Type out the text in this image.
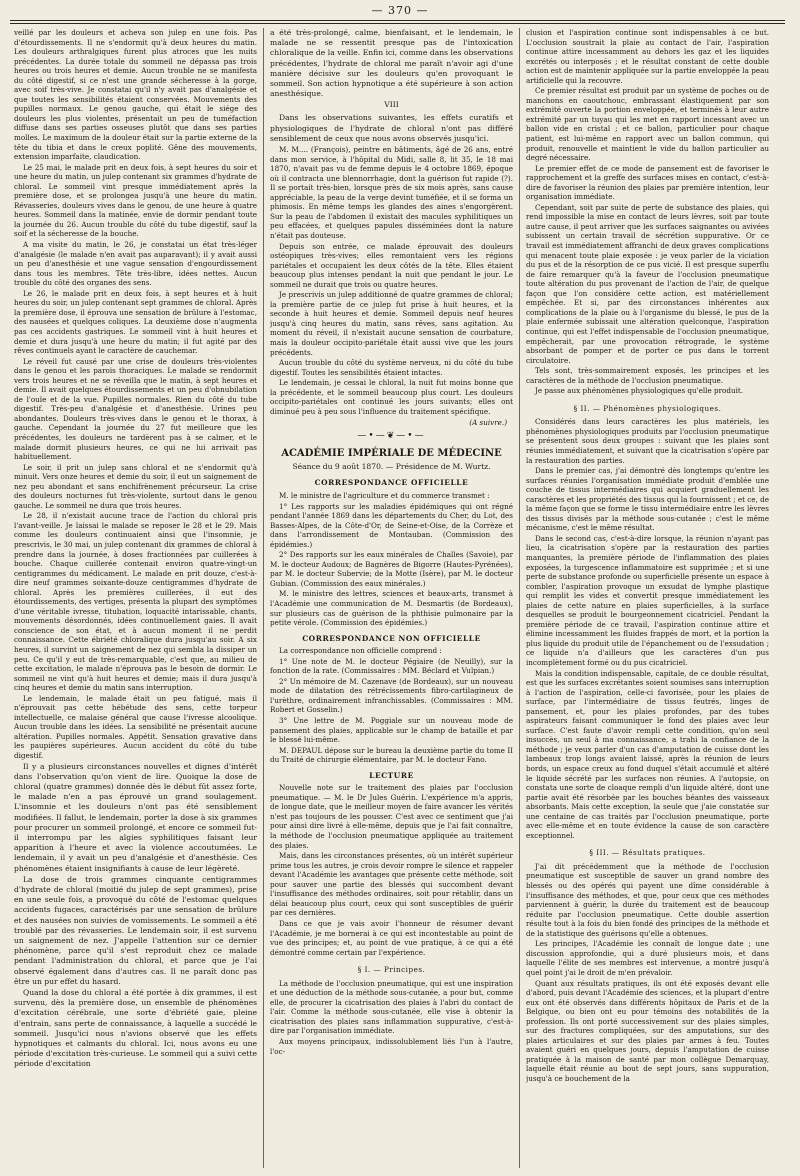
— 370 —

veillé par les douleurs et acheva son julep en une fois. Pas d'étourdissements. Il ne s'endormit qu'à deux heures du matin. Les douleurs arthralgiques furent plus atroces que les nuits précédentes. La durée totale du sommeil ne dépassa pas trois heures ou trois heures et demie. Aucun trouble ne se manifesta du côté digestif, si ce n'est une grande sécheresse à la gorge, avec soif très-vive. Je constatai qu'il n'y avait pas d'analgésie et que toutes les sensibilités étaient conservées. Mouvements des pupilles normaux. Le genou gauche, qui était le siége des douleurs les plus violentes, présentait un peu de tuméfaction diffuse dans ses parties osseuses plutôt que dans ses parties molles. Le maximum de la douleur était sur la partie externe de la tête du tibia et dans le creux poplité. Gêne des mouvements, extension imparfaite, claudication.

Le 25 mai, le malade prit en deux fois, à sept heures du soir et une heure du matin, un julep contenant six grammes d'hydrate de chloral. Le sommeil vint presque immédiatement après la première dose, et se prolongea jusqu'à une heure du matin. Révasseries, douleurs vives dans le genou, de une heure à quatre heures. Sommeil dans la matinée, envie de dormir pendant toute la journée du 26. Aucun trouble du côté du tube digestif, sauf la soif et la sécheresse de la bouche.

A ma visite du matin, le 26, je constatai un état très-léger d'analgésie (le malade n'en avait pas auparavant); il y avait aussi un peu d'anesthésie et une vague sensation d'engourdissement dans tous les membres. Tête très-libre, idées nettes. Aucun trouble du côté des organes des sens.

Le 26, le malade prit en deux fois, à sept heures et à huit heures du soir, un julep contenant sept grammes de chloral. Après la première dose, il éprouva une sensation de brûlure à l'estomac, des nausées et quelques coliques. La deuxième dose n'augmenta pas ces accidents gastriques. Le sommeil vint à huit heures et demie et dura jusqu'à une heure du matin; il fut agité par des rêves continuels ayant le caractère de cauchemar.

Le réveil fut causé par une crise de douleurs très-violentes dans le genou et les parois thoraciques. Le malade se rendormit vers trois heures et ne se réveilla que le matin, à sept heures et demie. Il avait quelques étourdissements et un peu d'obnubilation de l'ouïe et de la vue. Pupilles normales. Rien du côté du tube digestif. Très-peu d'analgésie et d'anesthésie. Urines peu abondantes. Douleurs très-vives dans le genou et le thorax, à gauche. Cependant la journée du 27 fut meilleure que les précédentes, les douleurs ne tardèrent pas à se calmer, et le malade dormit plusieurs heures, ce qui ne lui arrivait pas habituellement.

Le soir, il prit un julep sans chloral et ne s'endormit qu'à minuit. Vers onze heures et demie du soir, il eut un saignement de nez peu abondant et sans enchifrènement précurseur. La crise des douleurs nocturnes fut très-violente, surtout dans le genou gauche. Le sommeil ne dura que trois heures.

Le 28, il n'existait aucune trace de l'action du chloral pris l'avant-veille. Je laissai le malade se reposer le 28 et le 29. Mais comme les douleurs continuaient ainsi que l'insomnie, je prescrivis, le 30 mai, un julep contenant dix grammes de chloral à prendre dans la journée, à doses fractionnées par cuillerées à bouche. Chaque cuillerée contenait environ quatre-vingt-un centigrammes du médicament. Le malade en prit douze, c'est-à-dire neuf grammes soixante-douze centigrammes d'hydrate de chloral. Après les premières cuillerées, il eut des étourdissements, des vertiges, présenta la plupart des symptômes d'une véritable ivresse, titubation, loquacité intarissable, chants, mouvements désordonnés, idées continuellement gaies. Il avait conscience de son état, et à aucun moment il ne perdit connaissance. Cette ébriété chloralique dura jusqu'au soir. A six heures, il survint un saignement de nez qui sembla la dissiper un peu. Ce qu'il y eut de très-remarquable, c'est que, au milieu de cette excitation, le malade n'éprouva pas le besoin de dormir. Le sommeil ne vint qu'à huit heures et demie; mais il dura jusqu'à cinq heures et demie du matin sans interruption.

Le lendemain, le malade était un peu fatigué, mais il n'éprouvait pas cette hébétude des sens, cette torpeur intellectuelle, ce malaise général que cause l'ivresse alcoolique. Aucun trouble dans les idées. La sensibilité ne présentait aucune altération. Pupilles normales. Appétit. Sensation gravative dans les paupières supérieures. Aucun accident du côté du tube digestif.

Il y a plusieurs circonstances nouvelles et dignes d'intérêt dans l'observation qu'on vient de lire. Quoique la dose de chloral (quatre grammes) donnée dès le début fût assez forte, le malade n'en a pas éprouvé un grand soulagement. L'insomnie et les douleurs n'ont pas été sensiblement modifiées. Il fallut, le lendemain, porter la dose à six grammes pour procurer un sommeil prolongé, et encore ce sommeil fut-il interrompu par les algies syphilitiques faisant leur apparition à l'heure et avec la violence accoutumées. Le lendemain, il y avait un peu d'analgésie et d'anesthésie. Ces phénomènes étaient insignifiants à cause de leur légèreté.

La dose de trois grammes cinquante centigrammes d'hydrate de chloral (moitié du julep de sept grammes), prise en une seule fois, a provoqué du côté de l'estomac quelques accidents fugaces, caractérisés par une sensation de brûlure et des nausées non suivies de vomissements. Le sommeil a été troublé par des révasseries. Le lendemain soir, il est survenu un saignement de nez. J'appelle l'attention sur ce dernier phénomène, parce qu'il s'est reproduit chez ce malade pendant l'administration du chloral, et parce que je l'ai observé également dans d'autres cas. Il ne paraît donc pas être un pur effet du hasard.

Quand la dose du chloral a été portée à dix grammes, il est survenu, dès la première dose, un ensemble de phénomènes d'excitation cérébrale, une sorte d'ébriété gaie, pleine d'entrain, sans perte de connaissance, à laquelle a succédé le sommeil. Jusqu'ici nous n'avions observé que les effets hypnotiques et calmants du chloral. Ici, nous avons eu une période d'excitation très-curieuse. Le sommeil qui a suivi cette période d'excitation

a été très-prolongé, calme, bienfaisant, et le lendemain, le malade ne se ressentit presque pas de l'intoxication chloralique de la veille. Enfin ici, comme dans les observations précédentes, l'hydrate de chloral me paraît n'avoir agi d'une manière décisive sur les douleurs qu'en provoquant le sommeil. Son action hypnotique a été supérieure à son action anesthésique.

VIII

Dans les observations suivantes, les effets curatifs et physiologiques de l'hydrate de chloral n'ont pas différé sensiblement de ceux que nous avons observés jusqu'ici.

M. M.... (François), peintre en bâtiments, âgé de 26 ans, entré dans mon service, à l'hôpital du Midi, salle 8, lit 35, le 18 mai 1870, n'avait pas vu de femme depuis le 4 octobre 1869, époque où il contracta une blennorrhagie, dont la guérison fut rapide (?). Il se portait très-bien, lorsque près de six mois après, sans cause appréciable, la peau de la verge devint tuméfiée, et il se forma un phimosis. En même temps les glandes des aines s'engorgèrent. Sur la peau de l'abdomen il existait des macules syphilitiques un peu effacées, et quelques papules disséminées dont la nature n'était pas douteuse.

Depuis son entrée, ce malade éprouvait des douleurs ostéopiques très-vives; elles remontaient vers les régions pariétales et occupaient les deux côtés de la tête. Elles étaient beaucoup plus intenses pendant la nuit que pendant le jour. Le sommeil ne durait que trois ou quatre heures.

Je prescrivis un julep additionné de quatre grammes de chloral; la première partie de ce julep fut prise à huit heures, et la seconde à huit heures et demie. Sommeil depuis neuf heures jusqu'à cinq heures du matin, sans rêves, sans agitation. Au moment du réveil, il n'existait aucune sensation de courbature, mais la douleur occipito-pariétale était aussi vive que les jours précédents.

Aucun trouble du côté du système nerveux, ni du côté du tube digestif. Toutes les sensibilités étaient intactes.

Le lendemain, je cessai le chloral, la nuit fut moins bonne que la précédente, et le sommeil beaucoup plus court. Les douleurs occipito-pariétales ont continué les jours suivants; elles ont diminué peu à peu sous l'influence du traitement spécifique.

(A suivre.)
—•—❦—•—
ACADÉMIE IMPÉRIALE DE MÉDECINE
Séance du 9 août 1870. — Présidence de M. Wurtz.
CORRESPONDANCE OFFICIELLE

M. le ministre de l'agriculture et du commerce transmet :

1° Les rapports sur les maladies épidémiques qui ont régné pendant l'année 1869 dans les départements du Cher, du Lot, des Basses-Alpes, de la Côte-d'Or, de Seine-et-Oise, de la Corrèze et dans l'arrondissement de Montauban. (Commission des épidémies.)

2° Des rapports sur les eaux minérales de Challes (Savoie), par M. le docteur Audoux; de Bagnères de Bigorre (Hautes-Pyrénées), par M. le docteur Subervie; de la Motte (Isère), par M. le docteur Gubian. (Commission des eaux minérales.)

M. le ministre des lettres, sciences et beaux-arts, transmet à l'Académie une communication de M. Desmartis (de Bordeaux), sur plusieurs cas de guérison de la phthisie pulmonaire par la petite vérole. (Commission des épidémies.)

CORRESPONDANCE NON OFFICIELLE

La correspondance non officielle comprend :

1° Une note de M. le docteur Pégiaire (de Neuilly), sur la fonction de la rate. (Commissaires : MM. Béclard et Vulpian.)

2° Un mémoire de M. Cazenave (de Bordeaux), sur un nouveau mode de dilatation des rétrécissements fibro-cartilagineux de l'urèthre, ordinairement infranchissables. (Commissaires : MM. Robert et Gosselin.)

3° Une lettre de M. Poggiale sur un nouveau mode de pansement des plaies, applicable sur le champ de bataille et par le blessé lui-même.

M. DEPAUL dépose sur le bureau la deuxième partie du tome II du Traité de chirurgie élémentaire, par M. le docteur Fano.

LECTURE

Nouvelle note sur le traitement des plaies par l'occlusion pneumatique. — M. le Dr Jules Guérin. L'expérience m'a appris, de longue date, que le meilleur moyen de faire avancer les vérités n'est pas toujours de les pousser. C'est avec ce sentiment que j'ai pour ainsi dire livré à elle-même, depuis que je l'ai fait connaître, la méthode de l'occlusion pneumatique appliquée au traitement des plaies.

Mais, dans les circonstances présentes, où un intérêt supérieur prime tous les autres, je crois devoir rompre le silence et rappeler devant l'Académie les avantages que présente cette méthode, soit pour sauver une partie des blessés qui succombent devant l'insuffisance des méthodes ordinaires, soit pour rétablir, dans un délai beaucoup plus court, ceux qui sont susceptibles de guérir par ces dernières.

Dans ce que je vais avoir l'honneur de résumer devant l'Académie, je me bornerai à ce qui est incontestable au point de vue des principes; et, au point de vue pratique, à ce qui a été démontré comme certain par l'expérience.

§ I. — Principes.

La méthode de l'occlusion pneumatique, qui est une inspiration et une déduction de la méthode sous-cutanée, a pour but, comme elle, de procurer la cicatrisation des plaies à l'abri du contact de l'air. Comme la méthode sous-cutanée, elle vise à obtenir la cicatrisation des plaies sans inflammation suppurative, c'est-à-dire par l'organisation immédiate.

Aux moyens principaux, indissolublement liés l'un à l'autre, l'oc-

clusion et l'aspiration continue sont indispensables à ce but. L'occlusion soustrait la plaie au contact de l'air, l'aspiration continue attire incessamment au dehors les gaz et les liquides excrétés ou interposés ; et le résultat constant de cette double action est de maintenir appliquée sur la partie enveloppée la peau artificielle qui la recouvre.

Ce premier résultat est produit par un système de poches ou de manchons en caoutchouc, embrassant élastiquement par son extrémité ouverte la portion enveloppée, et terminés à leur autre extrémité par un tuyau qui les met en rapport incessant avec un ballon vide en cristal ; et ce ballon, particulier pour chaque patient, est lui-même en rapport avec un ballon commun, qui produit, renouvelle et maintient le vide du ballon particulier au degré nécessaire.

Le premier effet de ce mode de pansement est de favoriser le rapprochement et la greffe des surfaces mises en contact, c'est-à-dire de favoriser la réunion des plaies par première intention, leur organisation immédiate.

Cependant, soit par suite de perte de substance des plaies, qui rend impossible la mise en contact de leurs lèvres, soit par toute autre cause, il peut arriver que les surfaces saignantes ou avivées subissent un certain travail de sécrétion suppurative. Or ce travail est immédiatement affranchi de deux graves complications qui menacent toute plaie exposée : je veux parler de la viciation du pus et de la résorption de ce pus vicié. Il est presque superflu de faire remarquer qu'à la faveur de l'occlusion pneumatique toute altération du pus provenant de l'action de l'air, de quelque façon que l'on considère cette action, est matériellement empêchée. Et si, par des circonstances inhérentes aux complications de la plaie ou à l'organisme du blessé, le pus de la plaie enfermée subissait une altération quelconque, l'aspiration continue, qui est l'effet indispensable de l'occlusion pneumatique, empêcherait, par une provocation rétrograde, le système absorbant de pomper et de porter ce pus dans le torrent circulatoire.

Tels sont, très-sommairement exposés, les principes et les caractères de la méthode de l'occlusion pneumatique.

Je passe aux phénomènes physiologiques qu'elle produit.

§ II. — Phénomènes physiologiques.

Considérés dans leurs caractères les plus matériels, les phénomènes physiologiques produits par l'occlusion pneumatique se présentent sous deux groupes : suivant que les plaies sont réunies immédiatement, et suivant que la cicatrisation s'opère par la restauration des parties.

Dans le premier cas, j'ai démontré dès longtemps qu'entre les surfaces réunies l'organisation immédiate produit d'emblée une couche de tissus intermédiaires qui acquiert graduellement les caractères et les propriétés des tissus qui la fournissent ; et ce, de la même façon que se forme le tissu intermédiaire entre les lèvres des tissus divisés par la méthode sous-cutanée ; c'est le même mécanisme, c'est le même résultat.

Dans le second cas, c'est-à-dire lorsque, la réunion n'ayant pas lieu, la cicatrisation s'opère par la restauration des parties manquantes, la première période de l'inflammation des plaies exposées, la turgescence inflammatoire est supprimée ; et si une perte de substance profonde ou superficielle présente un espace à combler, l'aspiration provoque un exsudat de lymphe plastique qui remplit les vides et convertit presque immédiatement les plaies de cette nature en plaies superficielles, à la surface desquelles se produit le bourgeonnement cicatriciel. Pendant la première période de ce travail, l'aspiration continue attire et élimine incessamment les fluides frappés de mort, et la portion la plus liquide du produit utile de l'épanchement ou de l'exsudation ; ce liquide n'a d'ailleurs que les caractères d'un pus incomplètement formé ou du pus cicatriciel.

Mais la condition indispensable, capitale, de ce double résultat, est que les surfaces excrétantes soient soumises sans interruption à l'action de l'aspiration, celle-ci favorisée, pour les plaies de surface, par l'intermédiaire de tissus feutrés, linges de pansement, et, pour les plaies profondes, par des tubes aspirateurs faisant communiquer le fond des plaies avec leur surface. C'est faute d'avoir rempli cette condition, qu'on seul insuccès, un seul à ma connaissance, a trahi la confiance de la méthode ; je veux parler d'un cas d'amputation de cuisse dont les lambeaux trop longs avaient laissé, après la réunion de leurs bords, un espace creux au fond duquel s'était accumulé et altéré le liquide sécrété par les surfaces non réunies. A l'autopsie, on constata une sorte de cloaque rempli d'un liquide altéré, dont une partie avait été résorbée par les bouches béantes des vaisseaux absorbants. Mais cette exception, la seule que j'aie constatée sur une centaine de cas traités par l'occlusion pneumatique, porte avec elle-même et en toute évidence la cause de son caractère exceptionnel.

§ III. — Résultats pratiques.

J'ai dit précédemment que la méthode de l'occlusion pneumatique est susceptible de sauver un grand nombre des blessés ou des opérés qui payent une dîme considérable à l'insuffisance des méthodes, et que, pour ceux que ces méthodes parviennent à guérir, la durée du traitement est de beaucoup réduite par l'occlusion pneumatique. Cette double assertion résulte tout à la fois du bien fondé des principes de la méthode et de la statistique des guérisons qu'elle a obtenues.

Les principes, l'Académie les connaît de longue date ; une discussion approfondie, qui a duré plusieurs mois, et dans laquelle l'élite de ses membres est intervenue, a montré jusqu'à quel point j'ai le droit de m'en prévaloir.

Quant aux résultats pratiques, ils ont été exposés devant elle d'abord, puis devant l'Académie des sciences, et la plupart d'entre eux ont été observés dans différents hôpitaux de Paris et de la Belgique, ou bien ont eu pour témoins des notabilités de la profession. Ils ont porté successivement sur des plaies simples, sur des fractures compliquées, sur des amputations, sur des plaies articulaires et sur des plaies par armes à feu. Toutes avaient guéri en quelques jours, depuis l'amputation de cuisse pratiquée à la maison de santé par mon collègue Demarquay, laquelle était réunie au bout de sept jours, sans suppuration, jusqu'à ce bouchement de la
